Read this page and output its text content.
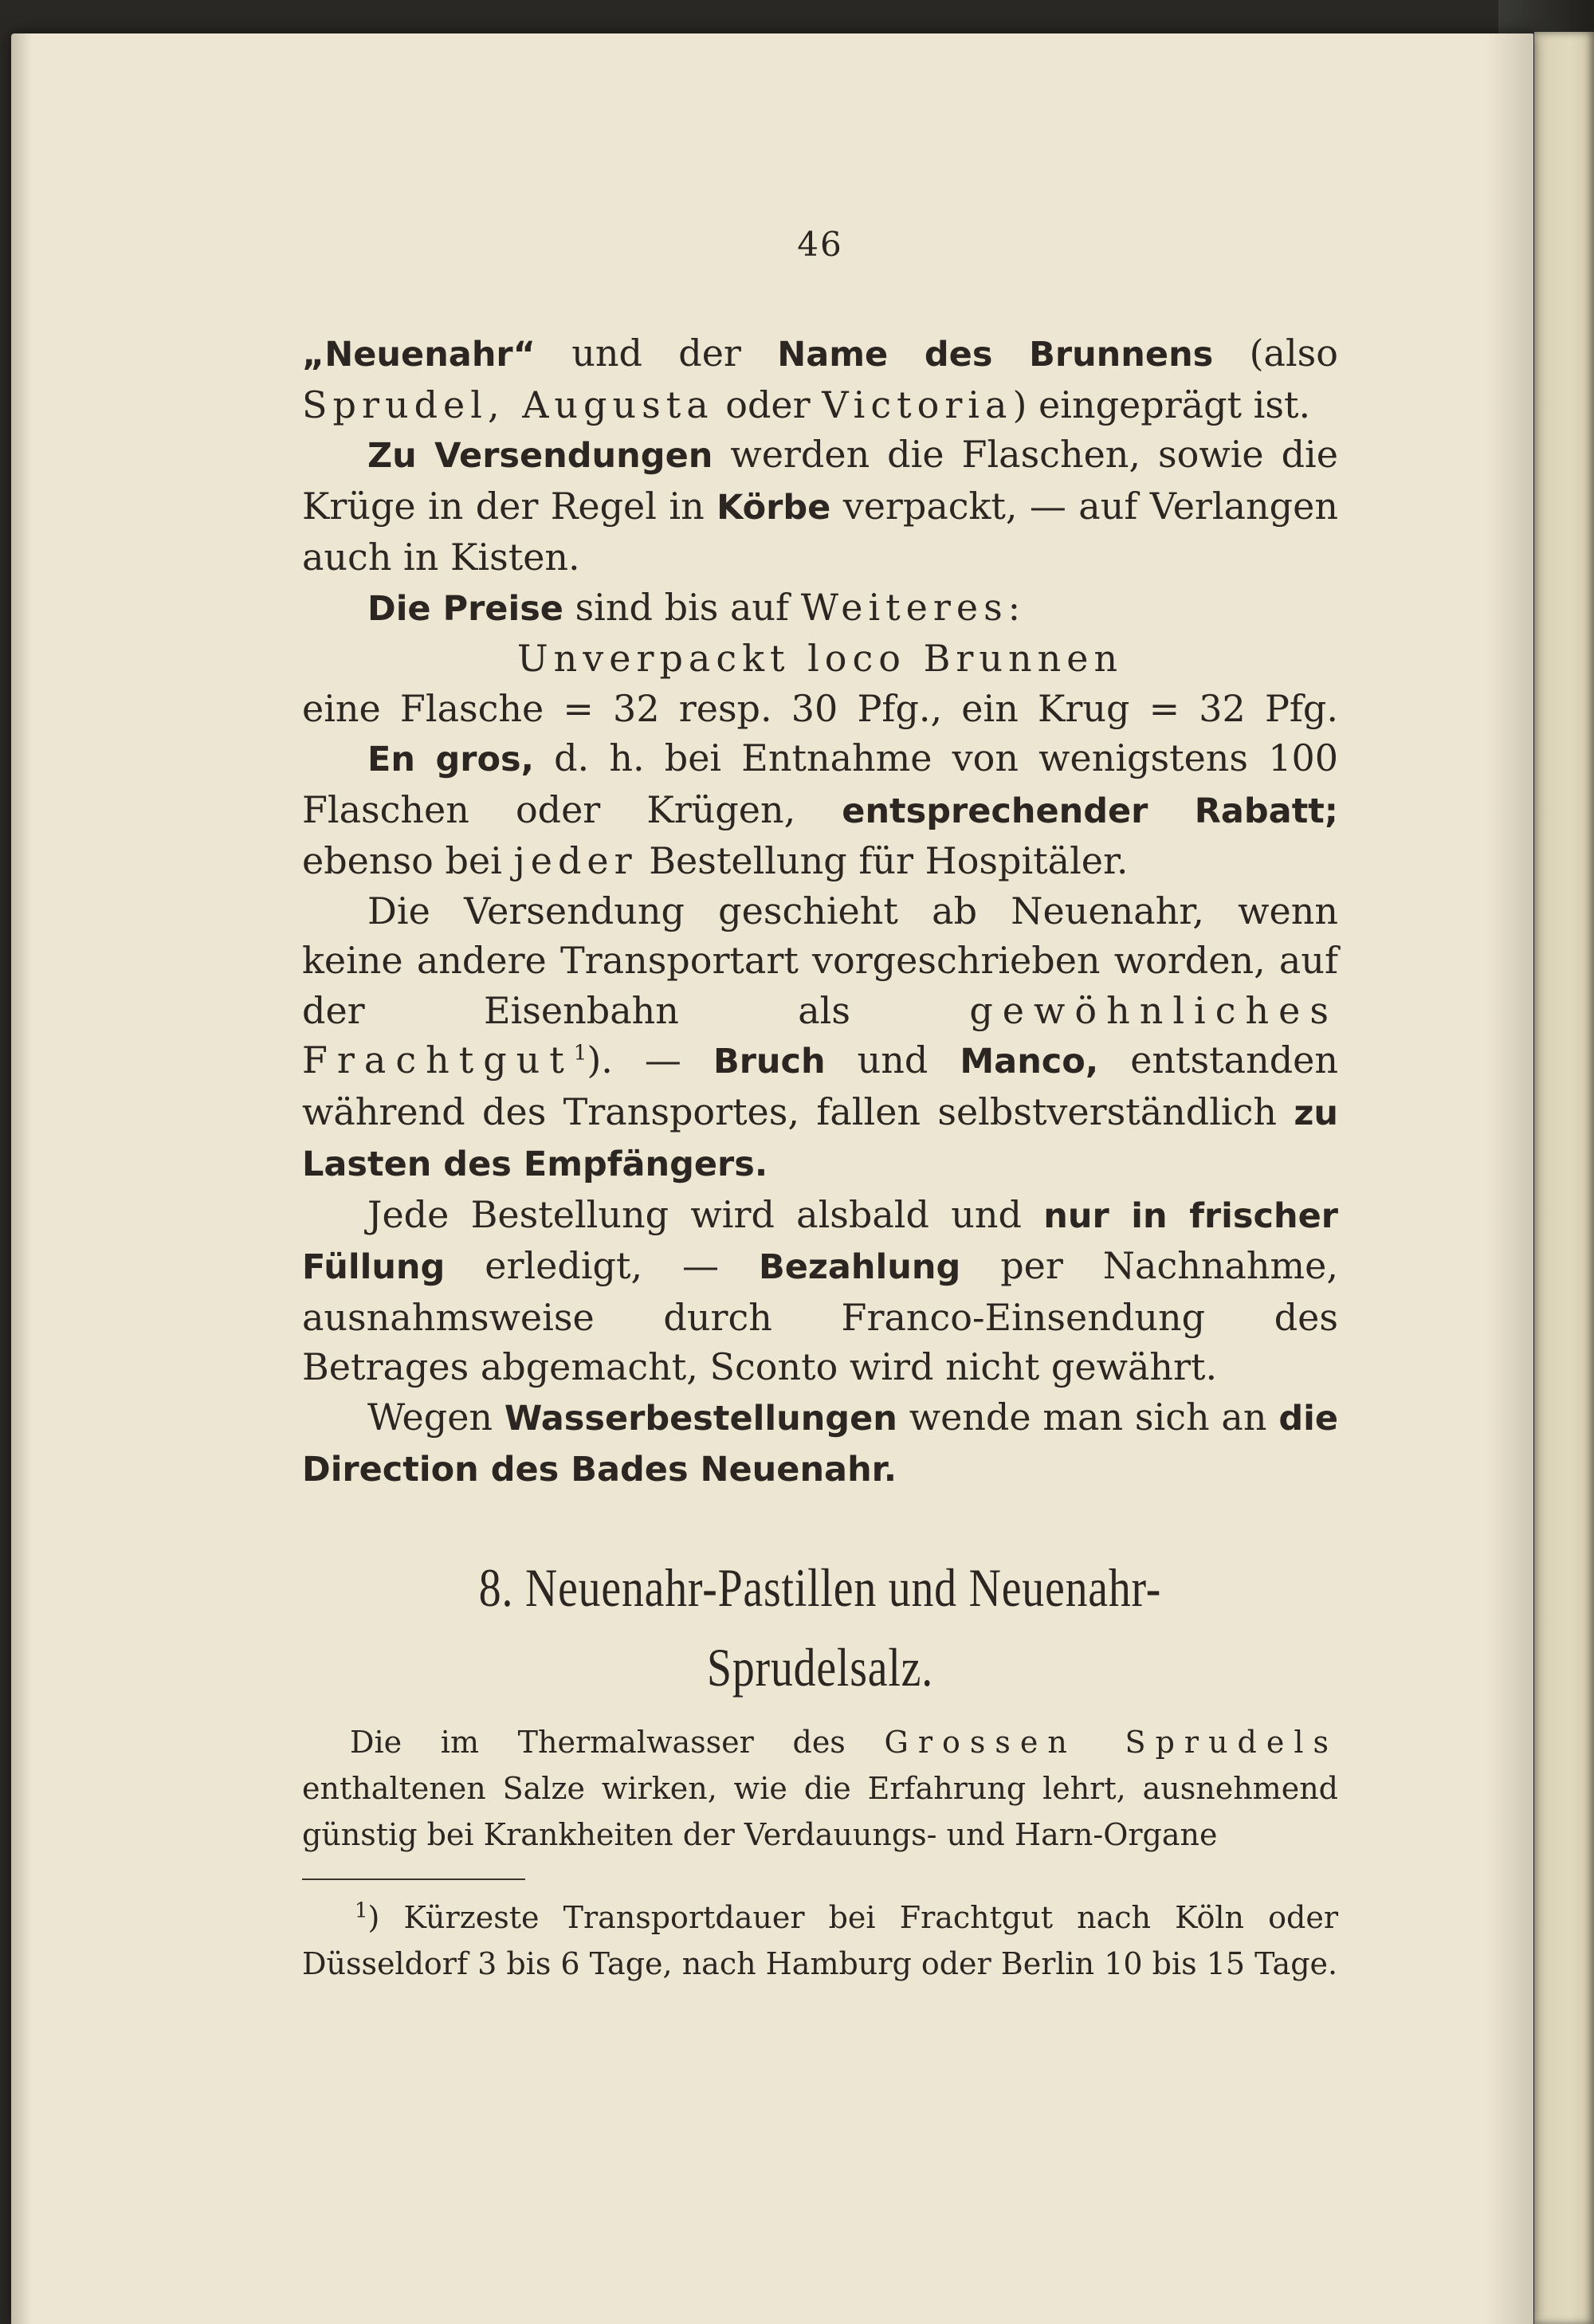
46

„Neuenahr“ und der Name des Brunnens (also Sprudel, Augusta oder Victoria) eingeprägt ist.

Zu Versendungen werden die Flaschen, sowie die Krüge in der Regel in Körbe verpackt, — auf Verlangen auch in Kisten.

Die Preise sind bis auf Weiteres:

Unverpackt loco Brunnen

eine Flasche = 32 resp. 30 Pfg., ein Krug = 32 Pfg.

En gros, d. h. bei Entnahme von wenigstens 100 Flaschen oder Krügen, entsprechender Rabatt; ebenso bei jeder Bestellung für Hospitäler.

Die Versendung geschieht ab Neuenahr, wenn keine andere Transportart vorgeschrieben worden, auf der Eisenbahn als gewöhnliches Frachtgut$^1$). — Bruch und Manco, entstanden während des Transportes, fallen selbstverständlich zu Lasten des Empfängers.

Jede Bestellung wird alsbald und nur in frischer Füllung erledigt, — Bezahlung per Nachnahme, ausnahmsweise durch Franco-Einsendung des Betrages abgemacht, Sconto wird nicht gewährt.

Wegen Wasserbestellungen wende man sich an die Direction des Bades Neuenahr.

8. Neuenahr-Pastillen und Neuenahr-
Sprudelsalz.
Die im Thermalwasser des Grossen Sprudels enthaltenen Salze wirken, wie die Erfahrung lehrt, ausnehmend günstig bei Krankheiten der Verdauungs- und Harn-Organe
$^1$) Kürzeste Transportdauer bei Frachtgut nach Köln oder Düsseldorf 3 bis 6 Tage, nach Hamburg oder Berlin 10 bis 15 Tage.
